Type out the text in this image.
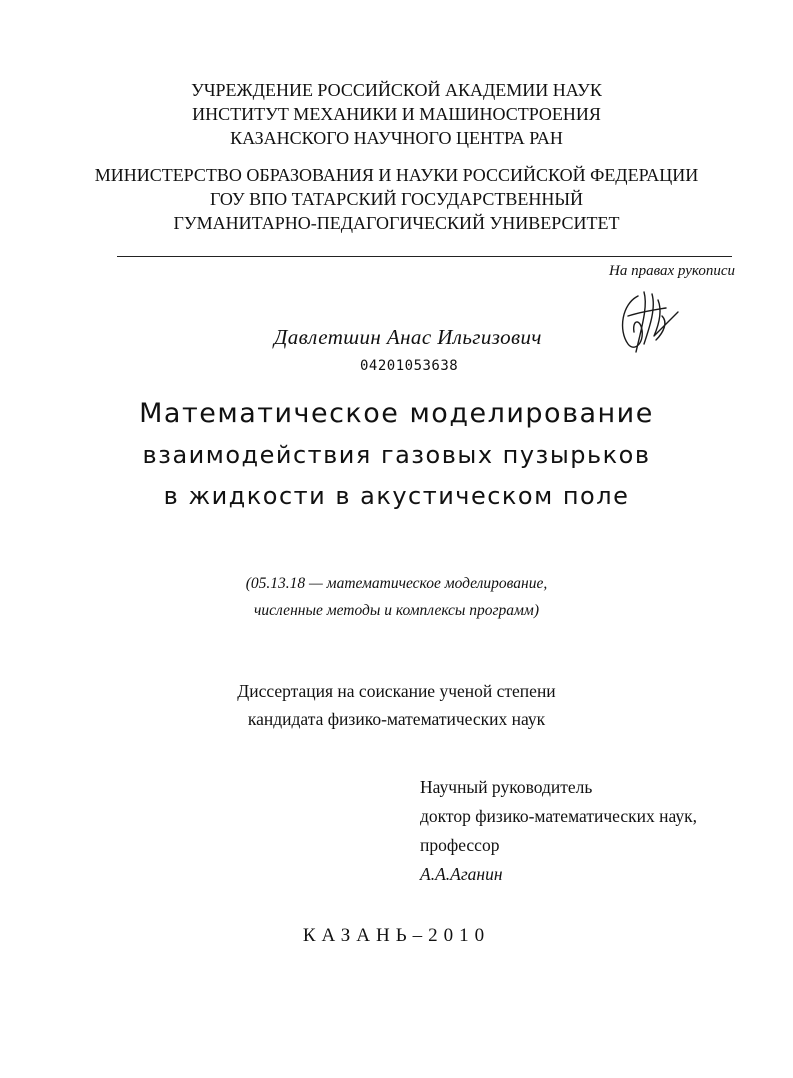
УЧРЕЖДЕНИЕ РОССИЙСКОЙ АКАДЕМИИ НАУК
ИНСТИТУТ МЕХАНИКИ И МАШИНОСТРОЕНИЯ
КАЗАНСКОГО НАУЧНОГО ЦЕНТРА РАН
МИНИСТЕРСТВО ОБРАЗОВАНИЯ И НАУКИ РОССИЙСКОЙ ФЕДЕРАЦИИ
ГОУ ВПО ТАТАРСКИЙ ГОСУДАРСТВЕННЫЙ
ГУМАНИТАРНО-ПЕДАГОГИЧЕСКИЙ УНИВЕРСИТЕТ
На правах рукописи
Давлетшин Анас Ильгизович
04201053638
Математическое моделирование
взаимодействия газовых пузырьков
в жидкости в акустическом поле
(05.13.18 — математическое моделирование,
численные методы и комплексы программ)
Диссертация на соискание ученой степени
кандидата физико-математических наук
Научный руководитель
доктор физико-математических наук,
профессор
А.А.Аганин
КАЗАНЬ–2010
